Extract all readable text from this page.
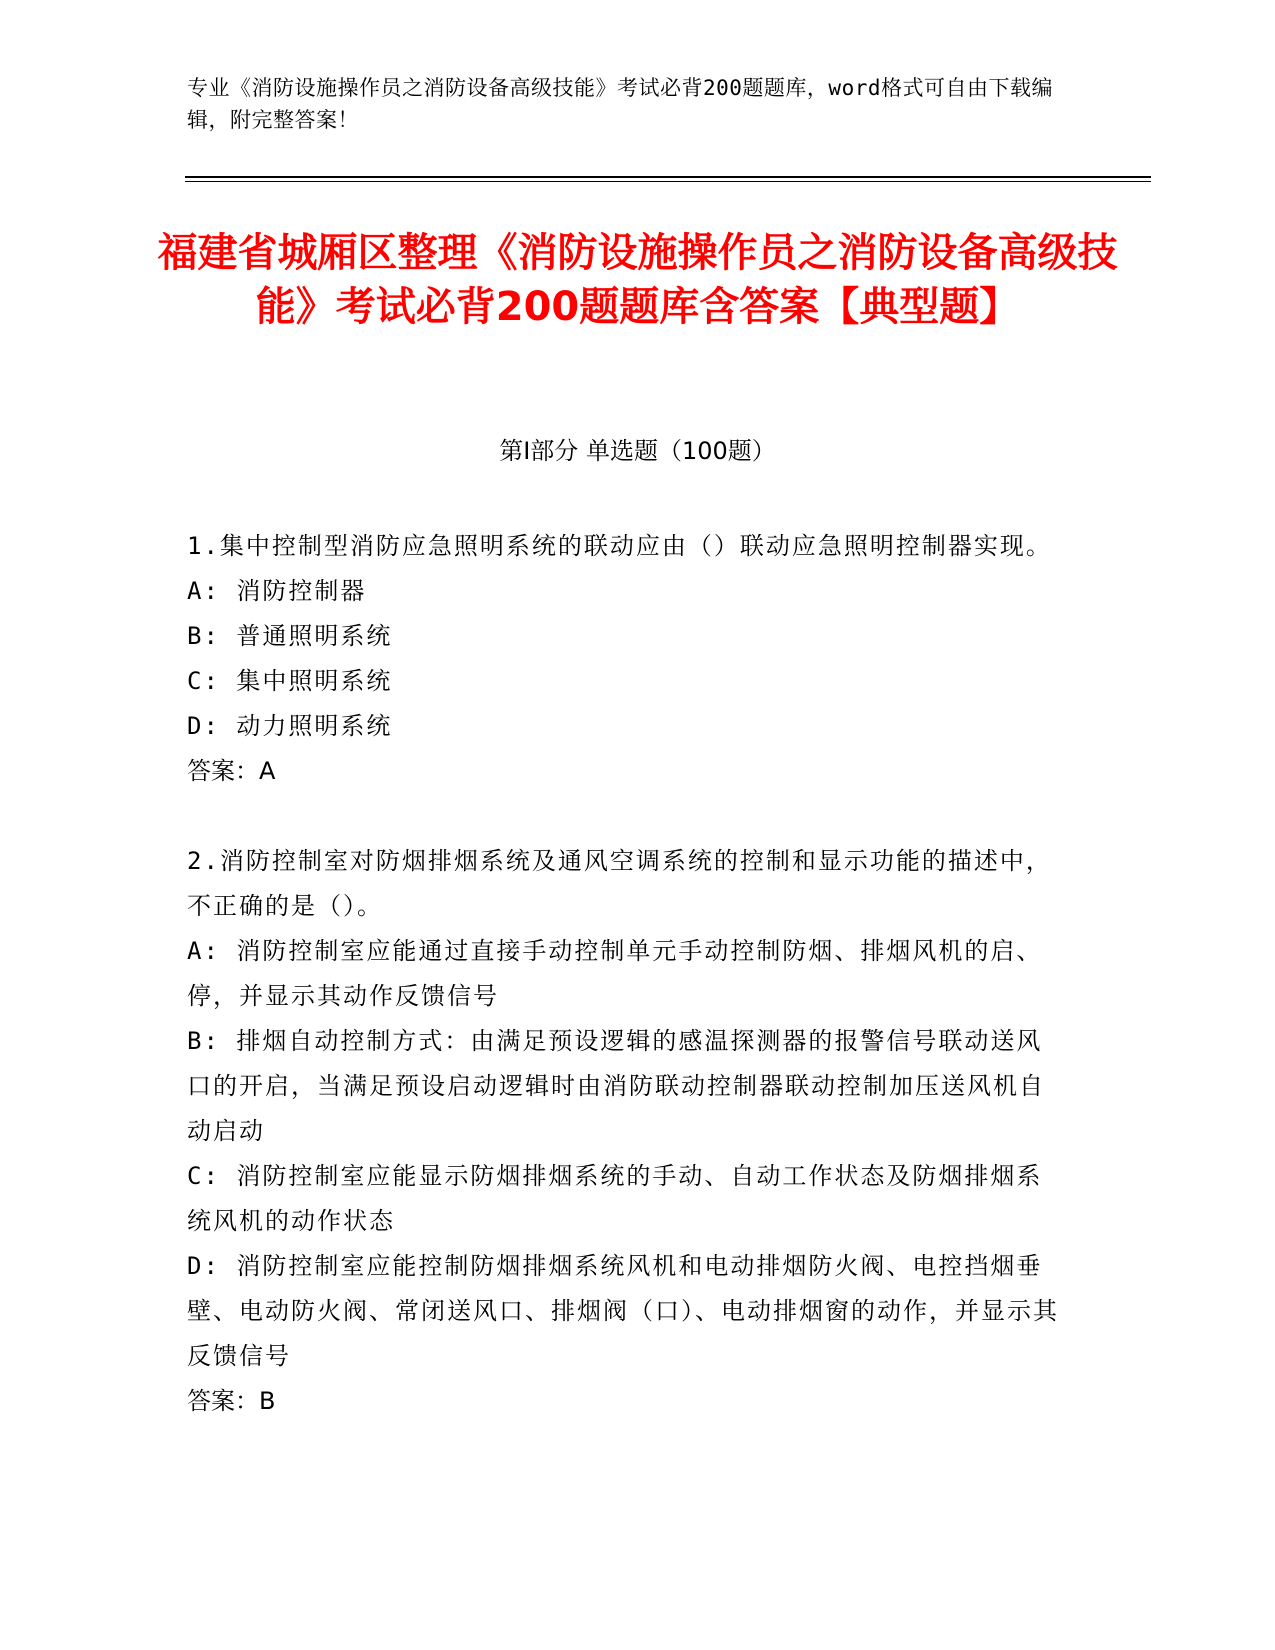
专业《消防设施操作员之消防设备高级技能》考试必背200题题库，word格式可自由下载编辑，附完整答案！
福建省城厢区整理《消防设施操作员之消防设备高级技能》考试必背200题题库含答案【典型题】
第Ⅰ部分 单选题（100题）
1.集中控制型消防应急照明系统的联动应由（）联动应急照明控制器实现。
A: 消防控制器
B: 普通照明系统
C: 集中照明系统
D: 动力照明系统
答案：A
2.消防控制室对防烟排烟系统及通风空调系统的控制和显示功能的描述中，不正确的是（）。
A: 消防控制室应能通过直接手动控制单元手动控制防烟、排烟风机的启、停，并显示其动作反馈信号
B: 排烟自动控制方式：由满足预设逻辑的感温探测器的报警信号联动送风口的开启，当满足预设启动逻辑时由消防联动控制器联动控制加压送风机自动启动
C: 消防控制室应能显示防烟排烟系统的手动、自动工作状态及防烟排烟系统风机的动作状态
D: 消防控制室应能控制防烟排烟系统风机和电动排烟防火阀、电控挡烟垂壁、电动防火阀、常闭送风口、排烟阀（口）、电动排烟窗的动作，并显示其反馈信号
答案：B
